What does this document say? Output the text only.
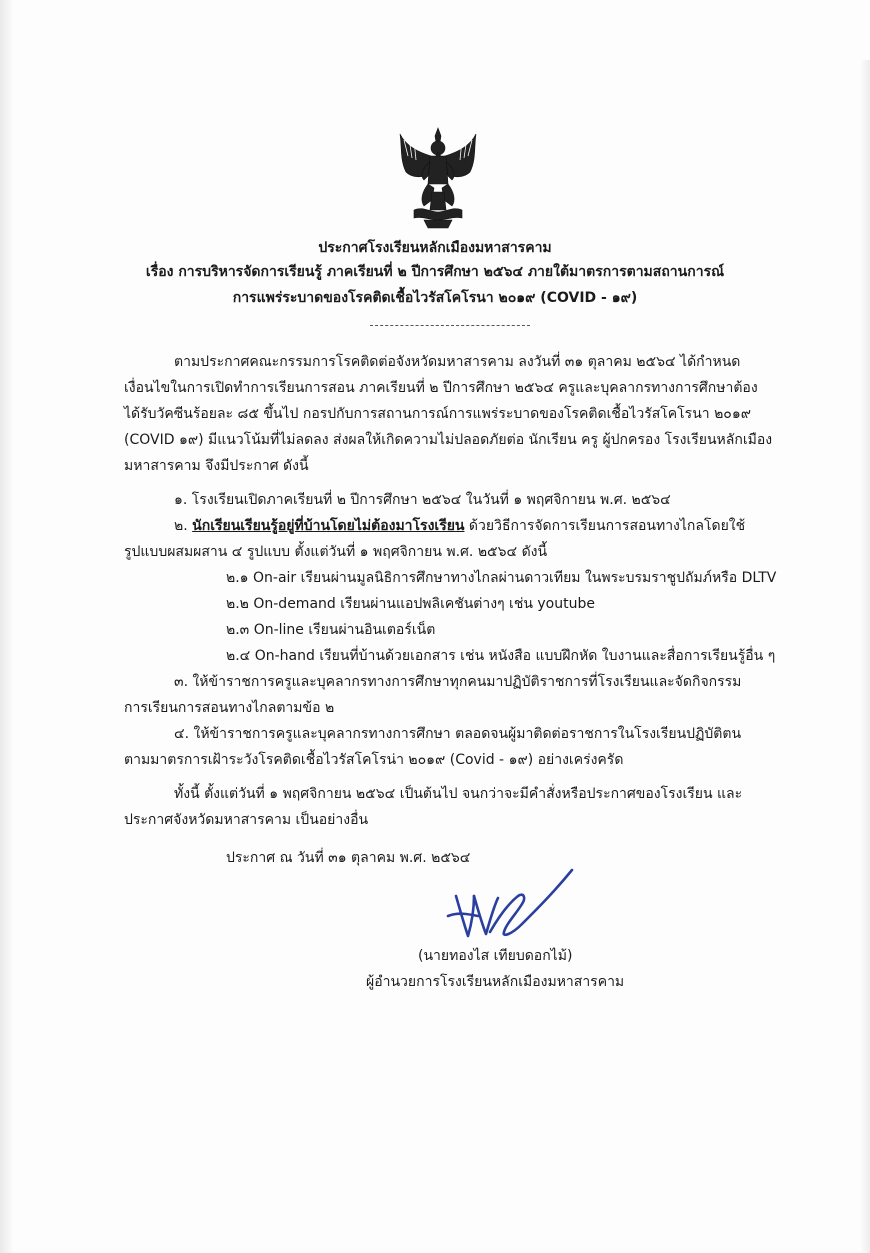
ประกาศโรงเรียนหลักเมืองมหาสารคาม
เรื่อง การบริหารจัดการเรียนรู้ ภาคเรียนที่ ๒ ปีการศึกษา ๒๕๖๔ ภายใต้มาตรการตามสถานการณ์
การแพร่ระบาดของโรคติดเชื้อไวรัสโคโรนา ๒๐๑๙ (COVID - ๑๙)
ตามประกาศคณะกรรมการโรคติดต่อจังหวัดมหาสารคาม ลงวันที่ ๓๑ ตุลาคม ๒๕๖๔ ได้กำหนด
เงื่อนไขในการเปิดทำการเรียนการสอน ภาคเรียนที่ ๒ ปีการศึกษา ๒๕๖๔ ครูและบุคลากรทางการศึกษาต้อง
ได้รับวัคซีนร้อยละ ๘๕ ขึ้นไป กอรปกับการสถานการณ์การแพร่ระบาดของโรคติดเชื้อไวรัสโคโรนา ๒๐๑๙
(COVID ๑๙) มีแนวโน้มที่ไม่ลดลง ส่งผลให้เกิดความไม่ปลอดภัยต่อ นักเรียน ครู ผู้ปกครอง โรงเรียนหลักเมือง
มหาสารคาม จึงมีประกาศ ดังนี้
๑. โรงเรียนเปิดภาคเรียนที่ ๒ ปีการศึกษา ๒๕๖๔ ในวันที่ ๑ พฤศจิกายน พ.ศ. ๒๕๖๔
๒. นักเรียนเรียนรู้อยู่ที่บ้านโดยไม่ต้องมาโรงเรียน ด้วยวิธีการจัดการเรียนการสอนทางไกลโดยใช้
รูปแบบผสมผสาน ๔ รูปแบบ ตั้งแต่วันที่ ๑ พฤศจิกายน พ.ศ. ๒๕๖๔ ดังนี้
๒.๑ On-air เรียนผ่านมูลนิธิการศึกษาทางไกลผ่านดาวเทียม ในพระบรมราชูปถัมภ์หรือ DLTV
๒.๒ On-demand เรียนผ่านแอปพลิเคชันต่างๆ เช่น youtube
๒.๓ On-line เรียนผ่านอินเตอร์เน็ต
๒.๔ On-hand เรียนที่บ้านด้วยเอกสาร เช่น หนังสือ แบบฝึกหัด ใบงานและสื่อการเรียนรู้อื่น ๆ
๓. ให้ข้าราชการครูและบุคลากรทางการศึกษาทุกคนมาปฏิบัติราชการที่โรงเรียนและจัดกิจกรรม
การเรียนการสอนทางไกลตามข้อ ๒
๔. ให้ข้าราชการครูและบุคลากรทางการศึกษา ตลอดจนผู้มาติดต่อราชการในโรงเรียนปฏิบัติตน
ตามมาตรการเฝ้าระวังโรคติดเชื้อไวรัสโคโรน่า ๒๐๑๙ (Covid - ๑๙) อย่างเคร่งครัด
ทั้งนี้ ตั้งแต่วันที่ ๑ พฤศจิกายน ๒๕๖๔ เป็นต้นไป จนกว่าจะมีคำสั่งหรือประกาศของโรงเรียน และ
ประกาศจังหวัดมหาสารคาม เป็นอย่างอื่น
ประกาศ ณ วันที่ ๓๑ ตุลาคม พ.ศ. ๒๕๖๔
(นายทองไส เทียบดอกไม้)
ผู้อำนวยการโรงเรียนหลักเมืองมหาสารคาม
